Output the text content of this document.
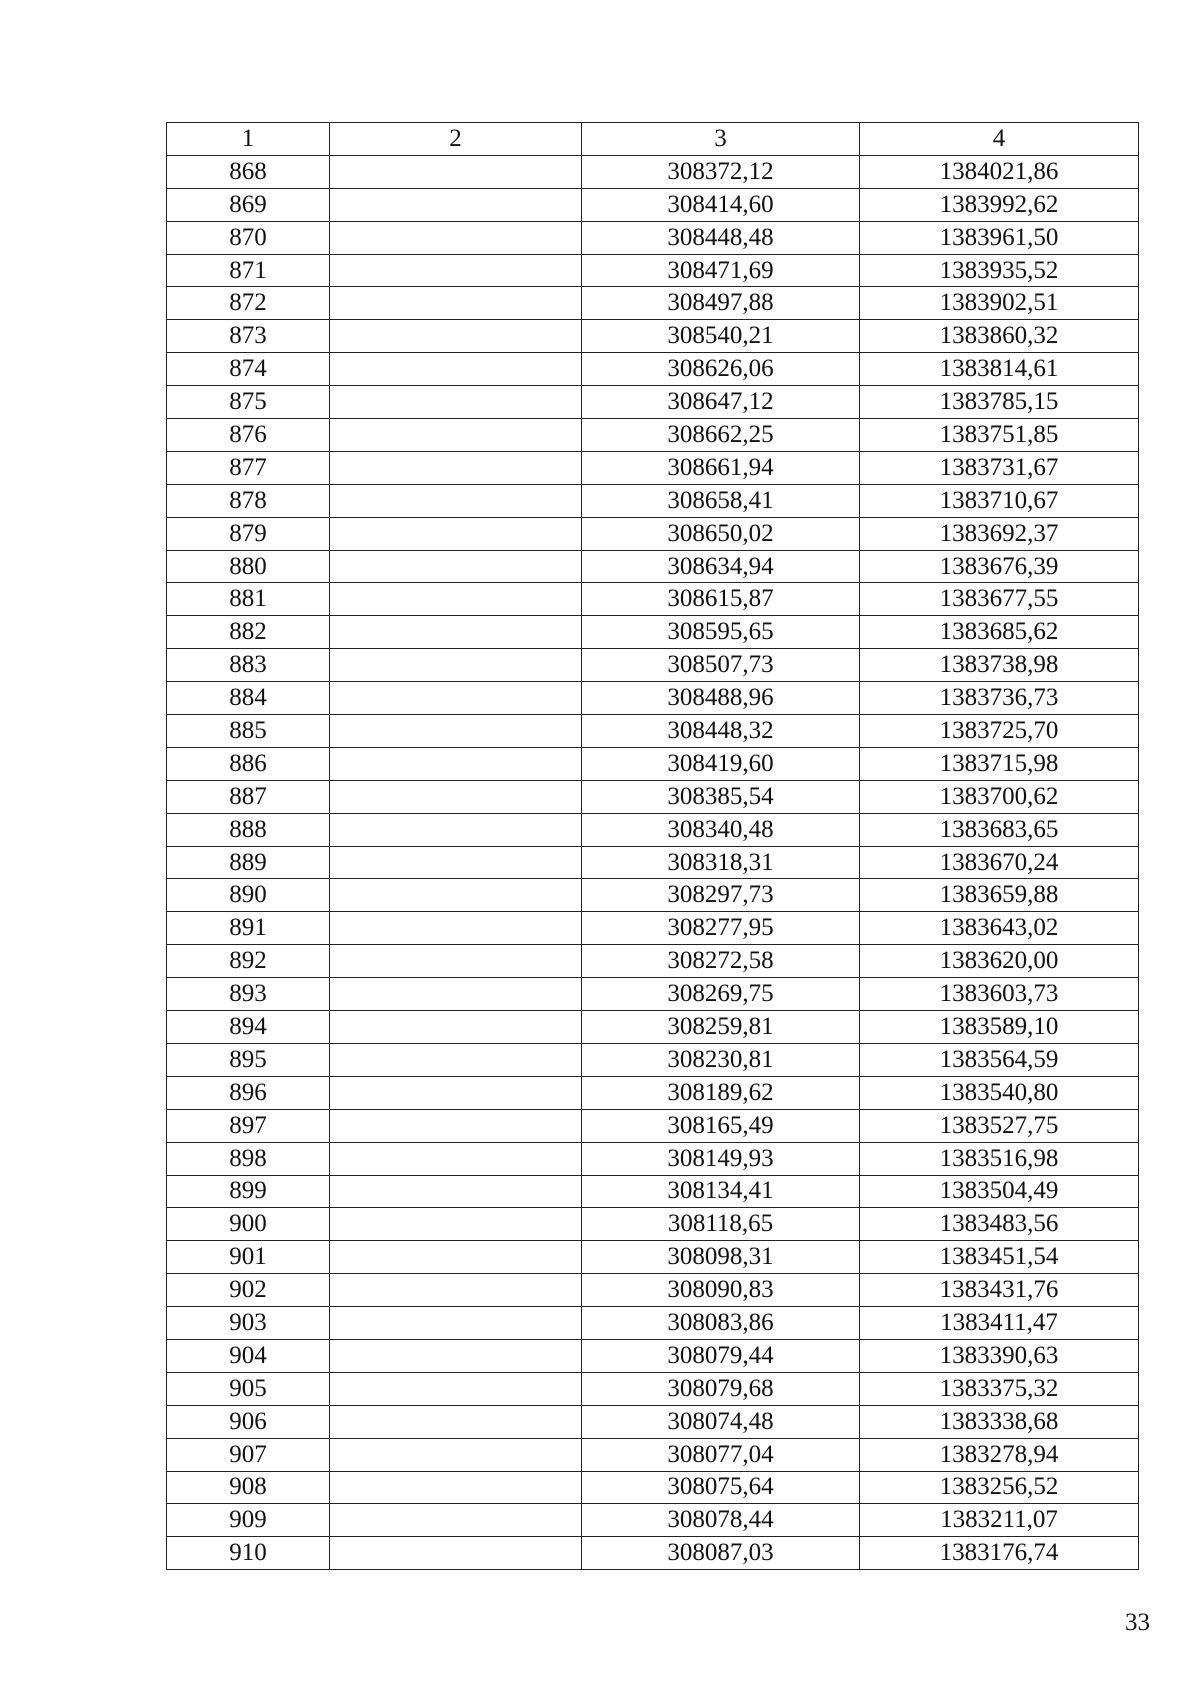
1	2	3	4
868		308372,12	1384021,86
869		308414,60	1383992,62
870		308448,48	1383961,50
871		308471,69	1383935,52
872		308497,88	1383902,51
873		308540,21	1383860,32
874		308626,06	1383814,61
875		308647,12	1383785,15
876		308662,25	1383751,85
877		308661,94	1383731,67
878		308658,41	1383710,67
879		308650,02	1383692,37
880		308634,94	1383676,39
881		308615,87	1383677,55
882		308595,65	1383685,62
883		308507,73	1383738,98
884		308488,96	1383736,73
885		308448,32	1383725,70
886		308419,60	1383715,98
887		308385,54	1383700,62
888		308340,48	1383683,65
889		308318,31	1383670,24
890		308297,73	1383659,88
891		308277,95	1383643,02
892		308272,58	1383620,00
893		308269,75	1383603,73
894		308259,81	1383589,10
895		308230,81	1383564,59
896		308189,62	1383540,80
897		308165,49	1383527,75
898		308149,93	1383516,98
899		308134,41	1383504,49
900		308118,65	1383483,56
901		308098,31	1383451,54
902		308090,83	1383431,76
903		308083,86	1383411,47
904		308079,44	1383390,63
905		308079,68	1383375,32
906		308074,48	1383338,68
907		308077,04	1383278,94
908		308075,64	1383256,52
909		308078,44	1383211,07
910		308087,03	1383176,74
33
